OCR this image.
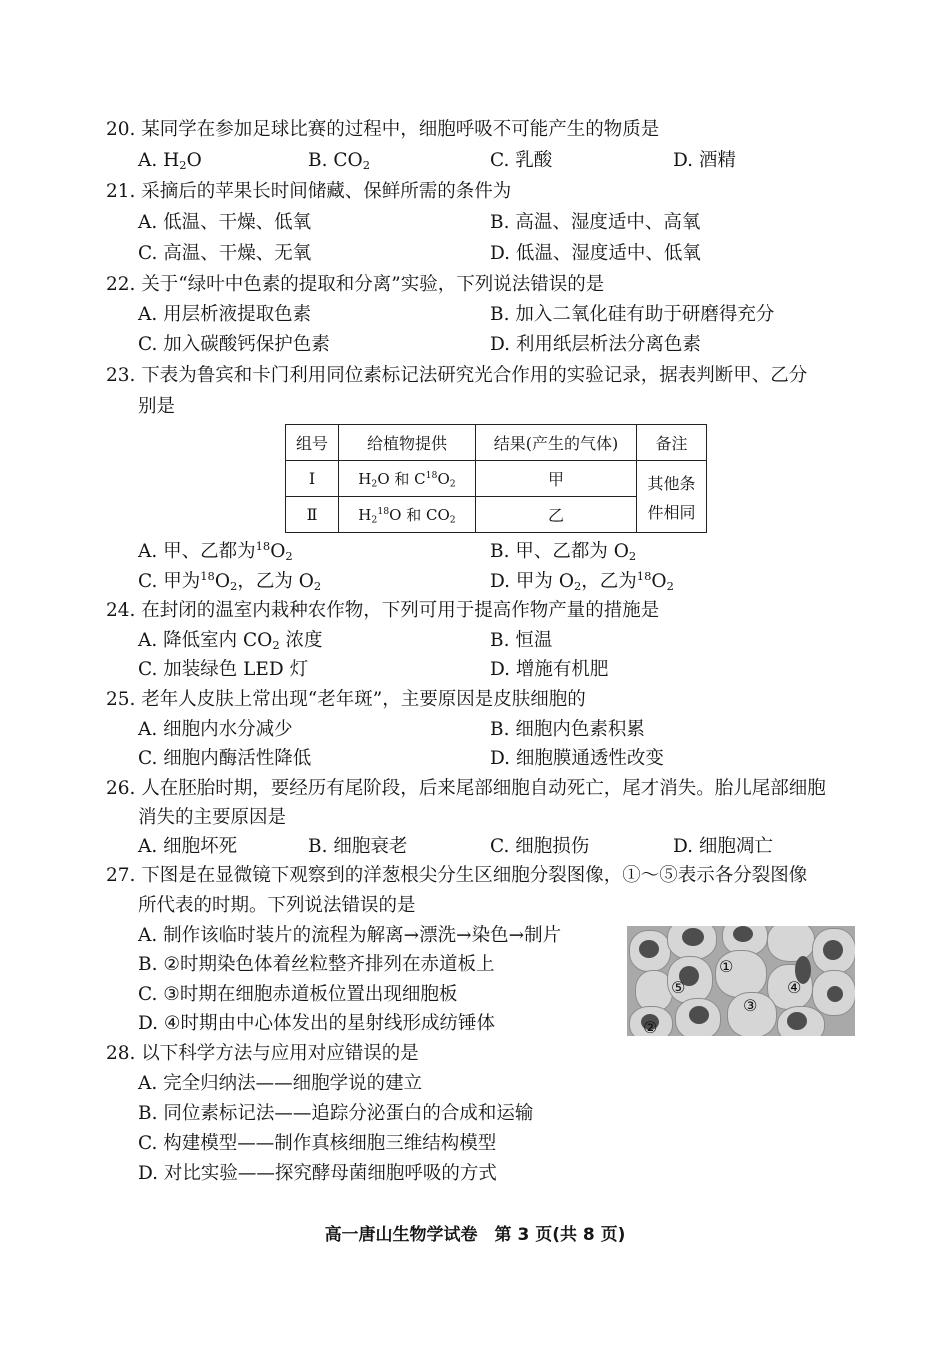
20. 某同学在参加足球比赛的过程中，细胞呼吸不可能产生的物质是
A. $H_2O$	B. $CO_2$	C. 乳酸	D. 酒精
21. 采摘后的苹果长时间储藏、保鲜所需的条件为
A. 低温、干燥、低氧	B. 高温、湿度适中、高氧
C. 高温、干燥、无氧	D. 低温、湿度适中、低氧
22. 关于“绿叶中色素的提取和分离”实验，下列说法错误的是
A. 用层析液提取色素	B. 加入二氧化硅有助于研磨得充分
C. 加入碳酸钙保护色素	D. 利用纸层析法分离色素
23. 下表为鲁宾和卡门利用同位素标记法研究光合作用的实验记录，据表判断甲、乙分
别是
组号	给植物提供	结果(产生的气体)	备注
Ⅰ	$H_2O$ 和 $C^{18}O_2$	甲	其他条
件相同

Ⅱ	$H_2^{18}O$ 和 $CO_2$	乙	
A. 甲、乙都为$^{18}O_2$	B. 甲、乙都为 $O_2$
C. 甲为$^{18}O_2$，乙为 $O_2$	D. 甲为 $O_2$，乙为$^{18}O_2$
24. 在封闭的温室内栽种农作物，下列可用于提高作物产量的措施是
A. 降低室内 $CO_2$ 浓度	B. 恒温
C. 加装绿色 LED 灯	D. 增施有机肥
25. 老年人皮肤上常出现“老年斑”，主要原因是皮肤细胞的
A. 细胞内水分减少	B. 细胞内色素积累
C. 细胞内酶活性降低	D. 细胞膜通透性改变
26. 人在胚胎时期，要经历有尾阶段，后来尾部细胞自动死亡，尾才消失。胎儿尾部细胞
消失的主要原因是
A. 细胞坏死	B. 细胞衰老	C. 细胞损伤	D. 细胞凋亡
27. 下图是在显微镜下观察到的洋葱根尖分生区细胞分裂图像，①～⑤表示各分裂图像
所代表的时期。下列说法错误的是
A. 制作该临时装片的流程为解离→漂洗→染色→制片
B. ②时期染色体着丝粒整齐排列在赤道板上
C. ③时期在细胞赤道板位置出现细胞板
D. ④时期由中心体发出的星射线形成纺锤体
①
②
③
④
⑤
28. 以下科学方法与应用对应错误的是
A. 完全归纳法——细胞学说的建立
B. 同位素标记法——追踪分泌蛋白的合成和运输
C. 构建模型——制作真核细胞三维结构模型
D. 对比实验——探究酵母菌细胞呼吸的方式
高一唐山生物学试卷　第 3 页(共 8 页)
